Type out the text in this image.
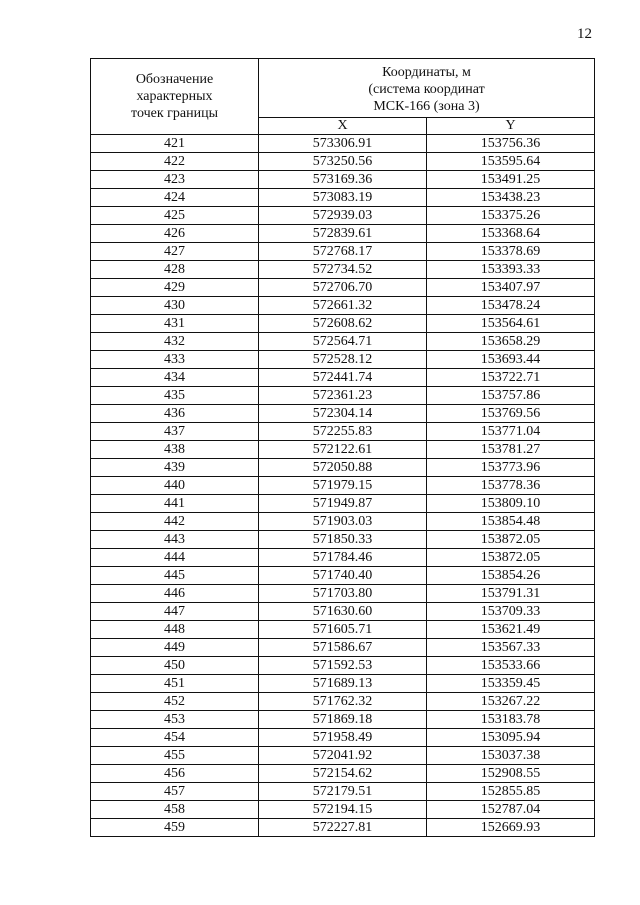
12
Обозначение
характерных
точек границы	Координаты, м
(система координат
МСК-166 (зона 3)	

	X	Y
421	573306.91	153756.36
422	573250.56	153595.64
423	573169.36	153491.25
424	573083.19	153438.23
425	572939.03	153375.26
426	572839.61	153368.64
427	572768.17	153378.69
428	572734.52	153393.33
429	572706.70	153407.97
430	572661.32	153478.24
431	572608.62	153564.61
432	572564.71	153658.29
433	572528.12	153693.44
434	572441.74	153722.71
435	572361.23	153757.86
436	572304.14	153769.56
437	572255.83	153771.04
438	572122.61	153781.27
439	572050.88	153773.96
440	571979.15	153778.36
441	571949.87	153809.10
442	571903.03	153854.48
443	571850.33	153872.05
444	571784.46	153872.05
445	571740.40	153854.26
446	571703.80	153791.31
447	571630.60	153709.33
448	571605.71	153621.49
449	571586.67	153567.33
450	571592.53	153533.66
451	571689.13	153359.45
452	571762.32	153267.22
453	571869.18	153183.78
454	571958.49	153095.94
455	572041.92	153037.38
456	572154.62	152908.55
457	572179.51	152855.85
458	572194.15	152787.04
459	572227.81	152669.93
